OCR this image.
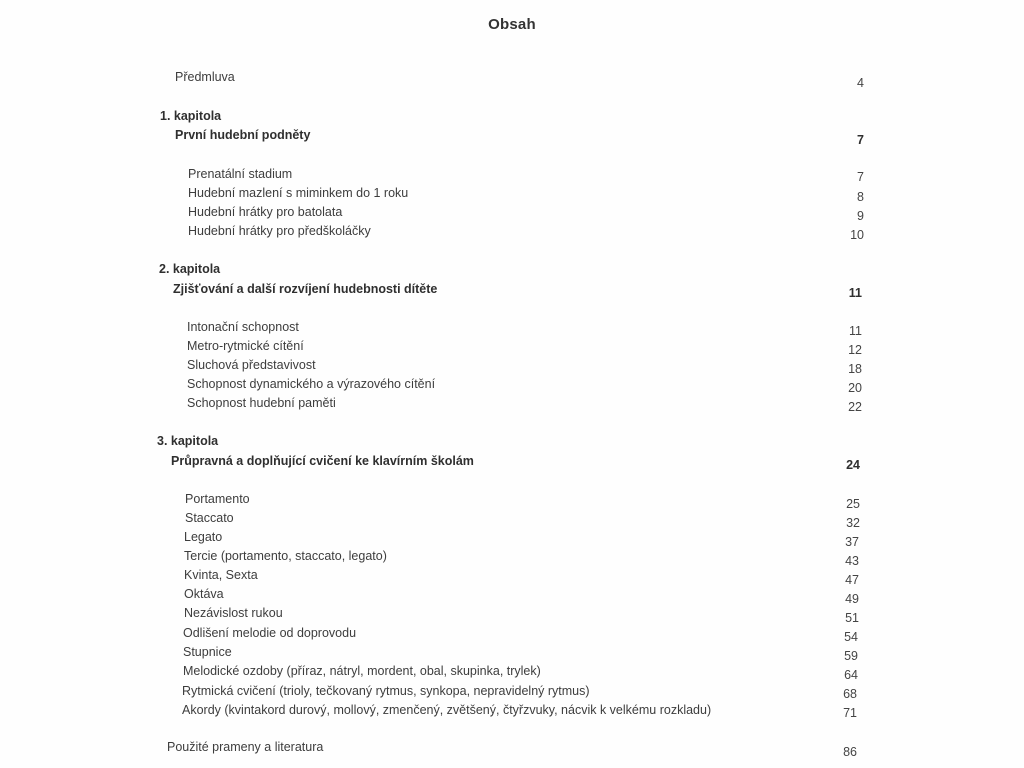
Obsah
Předmluva	4
1. kapitola
První hudební podněty	7
Prenatální stadium	7
Hudební mazlení s miminkem do 1 roku	8
Hudební hrátky pro batolata	9
Hudební hrátky pro předškoláčky	10
2. kapitola
Zjišťování a další rozvíjení hudebnosti dítěte	11
Intonační schopnost	11
Metro-rytmické cítění	12
Sluchová představivost	18
Schopnost dynamického a výrazového cítění	20
Schopnost hudební paměti	22
3. kapitola
Průpravná a doplňující cvičení ke klavírním školám	24
Portamento	25
Staccato	32
Legato	37
Tercie (portamento, staccato, legato)	43
Kvinta, Sexta	47
Oktáva	49
Nezávislost rukou	51
Odlišení melodie od doprovodu	54
Stupnice	59
Melodické ozdoby (příraz, nátryl, mordent, obal, skupinka, trylek)	64
Rytmická cvičení (trioly, tečkovaný rytmus, synkopa, nepravidelný rytmus)	68
Akordy (kvintakord durový, mollový, zmenčený, zvětšený, čtyřzvuky, nácvik k velkému rozkladu)	71
Použité prameny a literatura	86
